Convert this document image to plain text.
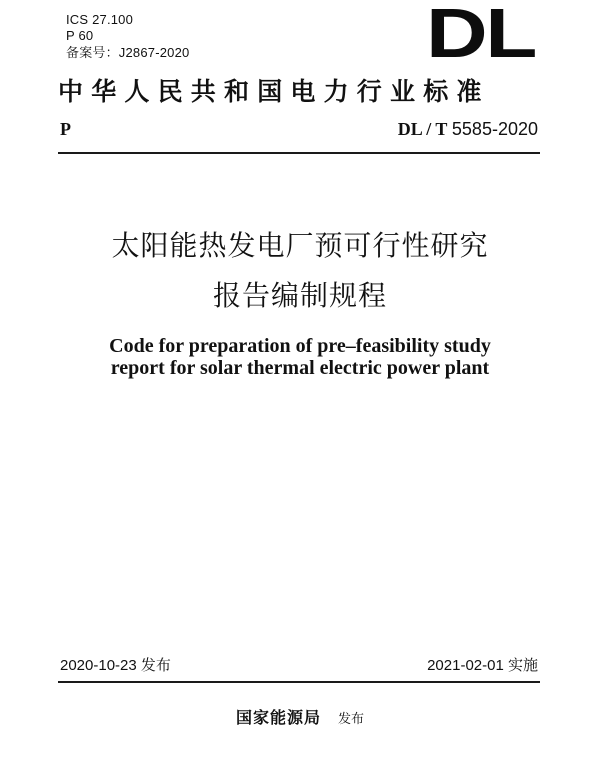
ICS 27.100
P 60
备案号：J2867-2020	DL
中华人民共和国电力行业标准
P	DL / T 5585-2020
太阳能热发电厂预可行性研究
报告编制规程
Code for preparation of pre–feasibility study
report for solar thermal electric power plant
2020-10-23 发布	2021-02-01 实施
国家能源局 发布
